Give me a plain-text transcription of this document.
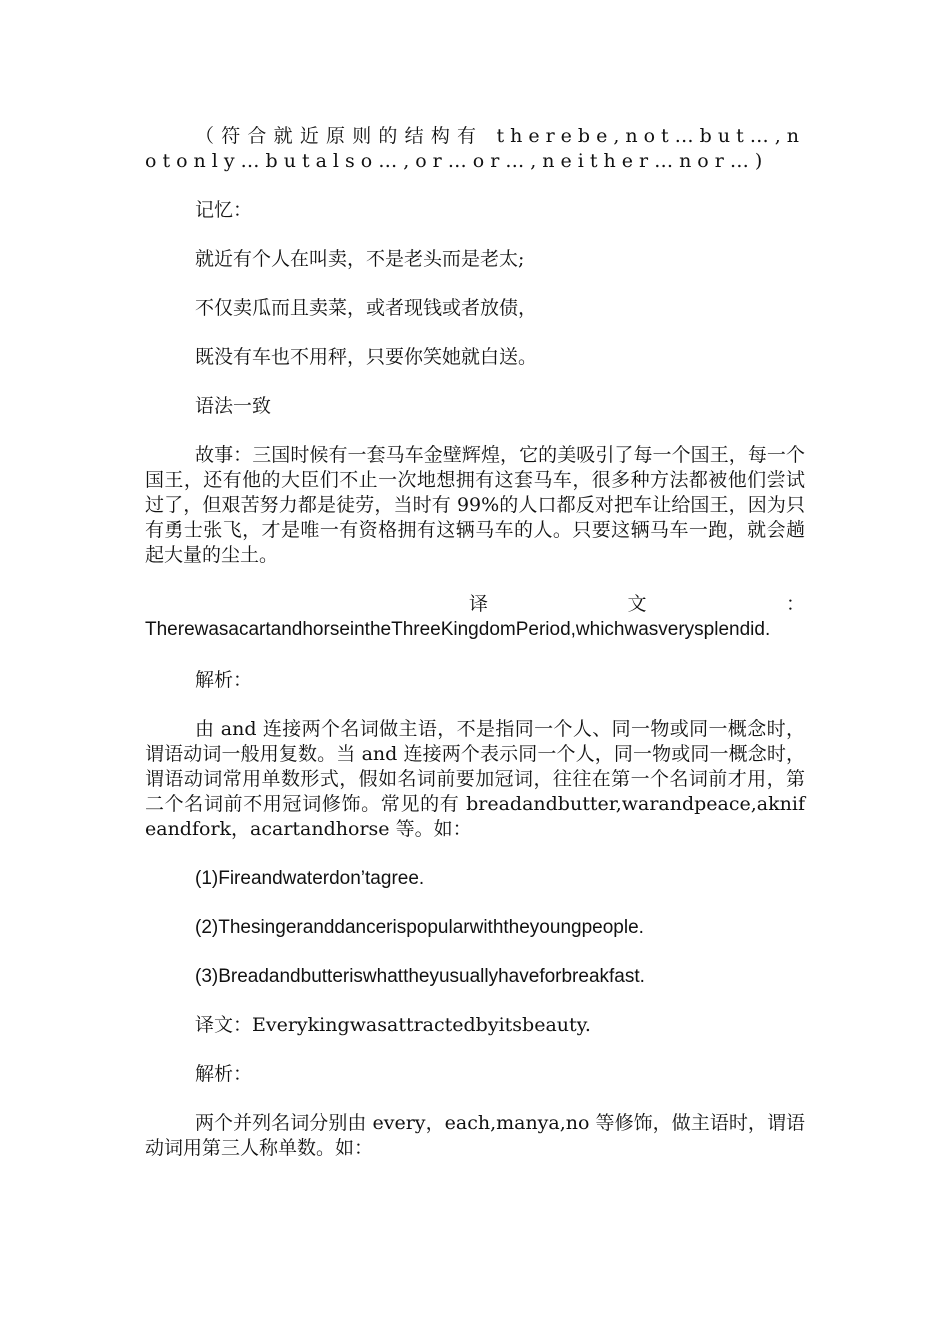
（符合就近原则的结构有 therebe,not…but…,notonly…butalso…,or…or…,neither…nor…)

记忆：

就近有个人在叫卖，不是老头而是老太;

不仅卖瓜而且卖菜，或者现钱或者放债，

既没有车也不用秤，只要你笑她就白送。

语法一致

故事：三国时候有一套马车金壁辉煌，它的美吸引了每一个国王，每一个国王，还有他的大臣们不止一次地想拥有这套马车，很多种方法都被他们尝试过了，但艰苦努力都是徒劳，当时有 99%的人口都反对把车让给国王，因为只有勇士张飞，才是唯一有资格拥有这辆马车的人。只要这辆马车一跑，就会趟起大量的尘土。

译	文	：

TherewasacartandhorseintheThreeKingdomPeriod,whichwasverysplendid.

解析：

由 and 连接两个名词做主语，不是指同一个人、同一物或同一概念时，谓语动词一般用复数。当 and 连接两个表示同一个人，同一物或同一概念时，谓语动词常用单数形式，假如名词前要加冠词，往往在第一个名词前才用，第二个名词前不用冠词修饰。常见的有 breadandbutter,warandpeace,aknifeandfork，acartandhorse 等。如：

(1)Fireandwaterdon’tagree.

(2)Thesingeranddancerispopularwiththeyoungpeople.

(3)Breadandbutteriswhattheyusuallyhaveforbreakfast.

译文：Everykingwasattractedbyitsbeauty.

解析：

两个并列名词分别由 every，each,manya,no 等修饰，做主语时，谓语动词用第三人称单数。如：
